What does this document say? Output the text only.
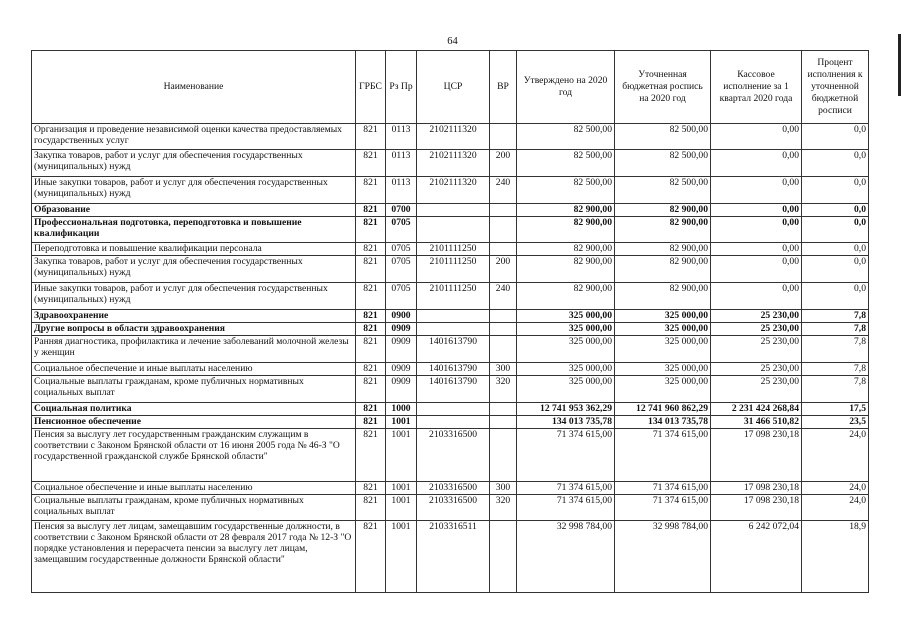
64
Наименование	ГРБС	Рз Пр	ЦСР	ВР	Утверждено на 2020 год	Уточненная бюджетная роспись на 2020 год	Кассовое исполнение за 1 квартал 2020 года	Процент исполнения к уточненной бюджетной росписи
Организация и проведение независимой оценки качества предоставляемых государственных услуг	821	0113	2102111320		82 500,00	82 500,00	0,00	0,0
Закупка товаров, работ и услуг для обеспечения государственных (муниципальных) нужд	821	0113	2102111320	200	82 500,00	82 500,00	0,00	0,0
Иные закупки товаров, работ и услуг для обеспечения государственных (муниципальных) нужд	821	0113	2102111320	240	82 500,00	82 500,00	0,00	0,0
Образование	821	0700			82 900,00	82 900,00	0,00	0,0
Профессиональная подготовка, переподготовка и повышение квалификации	821	0705			82 900,00	82 900,00	0,00	0,0
Переподготовка и повышение квалификации персонала	821	0705	2101111250		82 900,00	82 900,00	0,00	0,0
Закупка товаров, работ и услуг для обеспечения государственных (муниципальных) нужд	821	0705	2101111250	200	82 900,00	82 900,00	0,00	0,0
Иные закупки товаров, работ и услуг для обеспечения государственных (муниципальных) нужд	821	0705	2101111250	240	82 900,00	82 900,00	0,00	0,0
Здравоохранение	821	0900			325 000,00	325 000,00	25 230,00	7,8
Другие вопросы в области здравоохранения	821	0909			325 000,00	325 000,00	25 230,00	7,8
Ранняя диагностика, профилактика и лечение заболеваний молочной железы у женщин	821	0909	1401613790		325 000,00	325 000,00	25 230,00	7,8
Социальное обеспечение и иные выплаты населению	821	0909	1401613790	300	325 000,00	325 000,00	25 230,00	7,8
Социальные выплаты гражданам, кроме публичных нормативных социальных выплат	821	0909	1401613790	320	325 000,00	325 000,00	25 230,00	7,8
Социальная политика	821	1000			12 741 953 362,29	12 741 960 862,29	2 231 424 268,84	17,5
Пенсионное обеспечение	821	1001			134 013 735,78	134 013 735,78	31 466 510,82	23,5
Пенсия за выслугу лет государственным гражданским служащим в соответствии с Законом Брянской области от 16 июня 2005 года № 46-З "О государственной гражданской службе Брянской области"	821	1001	2103316500		71 374 615,00	71 374 615,00	17 098 230,18	24,0
Социальное обеспечение и иные выплаты населению	821	1001	2103316500	300	71 374 615,00	71 374 615,00	17 098 230,18	24,0
Социальные выплаты гражданам, кроме публичных нормативных социальных выплат	821	1001	2103316500	320	71 374 615,00	71 374 615,00	17 098 230,18	24,0
Пенсия за выслугу лет лицам, замещавшим государственные должности, в соответствии с Законом Брянской области от 28 февраля 2017 года № 12-З "О порядке установления и перерасчета пенсии за выслугу лет лицам, замещавшим государственные должности Брянской области"	821	1001	2103316511		32 998 784,00	32 998 784,00	6 242 072,04	18,9
